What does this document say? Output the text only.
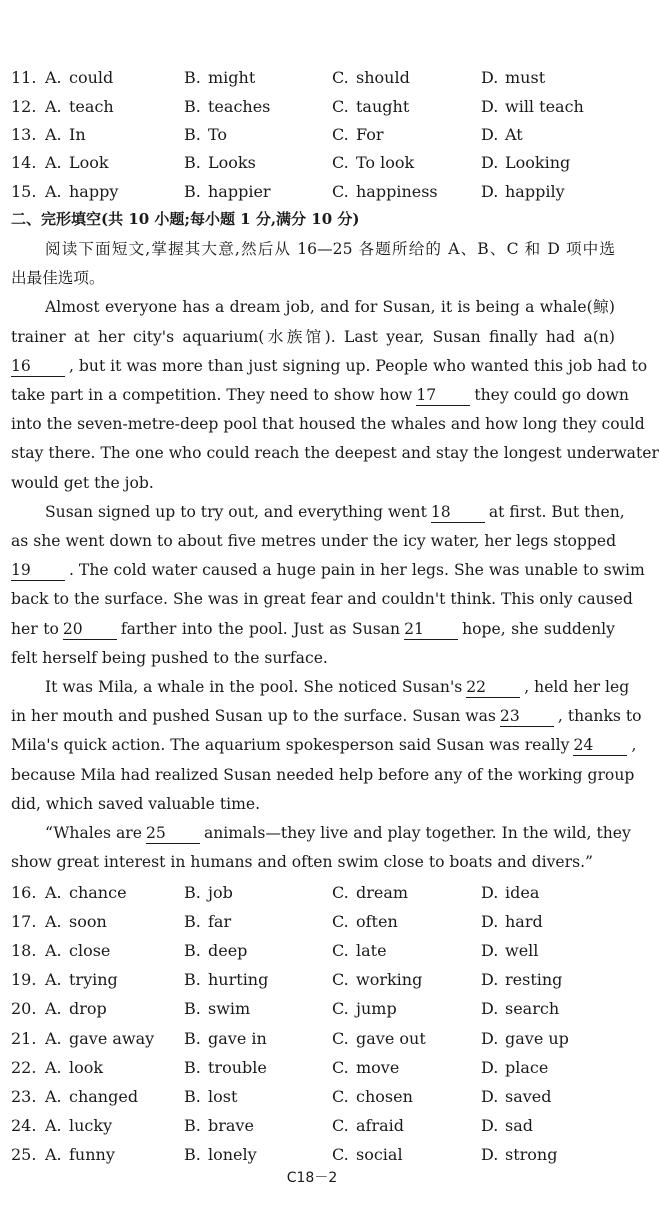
11. A. could	B. might	C. should	D. must
12. A. teach	B. teaches	C. taught	D. will teach
13. A. In	B. To	C. For	D. At
14. A. Look	B. Looks	C. To look	D. Looking
15. A. happy	B. happier	C. happiness	D. happily
二、完形填空(共 10 小题;每小题 1 分,满分 10 分)
阅读下面短文,掌握其大意,然后从 16—25 各题所给的 A、B、C 和 D 项中选
出最佳选项。
Almost everyone has a dream job, and for Susan, it is being a whale(鲸)
trainer at her city's aquarium(水族馆). Last year, Susan finally had a(n)
16 , but it was more than just signing up. People who wanted this job had to
take part in a competition. They need to show how 17 they could go down
into the seven-metre-deep pool that housed the whales and how long they could
stay there. The one who could reach the deepest and stay the longest underwater
would get the job.
Susan signed up to try out, and everything went 18 at first. But then,
as she went down to about five metres under the icy water, her legs stopped
19 . The cold water caused a huge pain in her legs. She was unable to swim
back to the surface. She was in great fear and couldn't think. This only caused
her to 20 farther into the pool. Just as Susan 21 hope, she suddenly
felt herself being pushed to the surface.
It was Mila, a whale in the pool. She noticed Susan's 22 , held her leg
in her mouth and pushed Susan up to the surface. Susan was 23 , thanks to
Mila's quick action. The aquarium spokesperson said Susan was really 24 ,
because Mila had realized Susan needed help before any of the working group
did, which saved valuable time.
“Whales are 25 animals—they live and play together. In the wild, they
show great interest in humans and often swim close to boats and divers.”
16. A. chance	B. job	C. dream	D. idea
17. A. soon	B. far	C. often	D. hard
18. A. close	B. deep	C. late	D. well
19. A. trying	B. hurting	C. working	D. resting
20. A. drop	B. swim	C. jump	D. search
21. A. gave away B. gave in	C. gave out	D. gave up
22. A. look	B. trouble	C. move	D. place
23. A. changed	B. lost	C. chosen	D. saved
24. A. lucky	B. brave	C. afraid	D. sad
25. A. funny	B. lonely	C. social	D. strong
C18－2
